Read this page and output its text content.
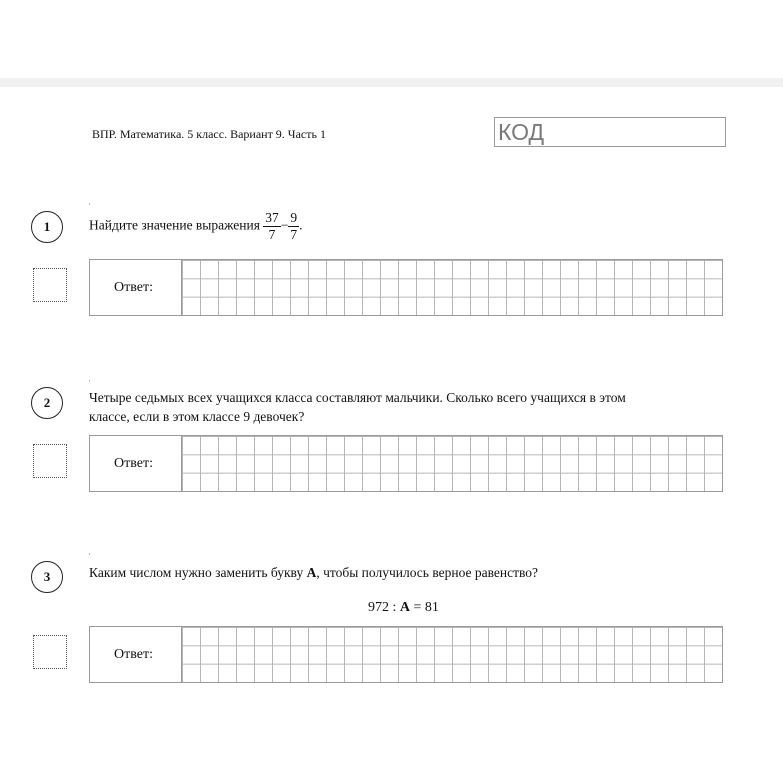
ВПР. Математика. 5 класс. Вариант 9. Часть 1	КОД
1	Найдите значение выражения $\frac{37}{7} - \frac{9}{7}$ .
Ответ:
2	Четыре седьмых всех учащихся класса составляют мальчики. Сколько всего учащихся в этом
классе, если в этом классе 9 девочек?
Ответ:
3	Каким числом нужно заменить букву А, чтобы получилось верное равенство?
972 : А = 81
Ответ:
